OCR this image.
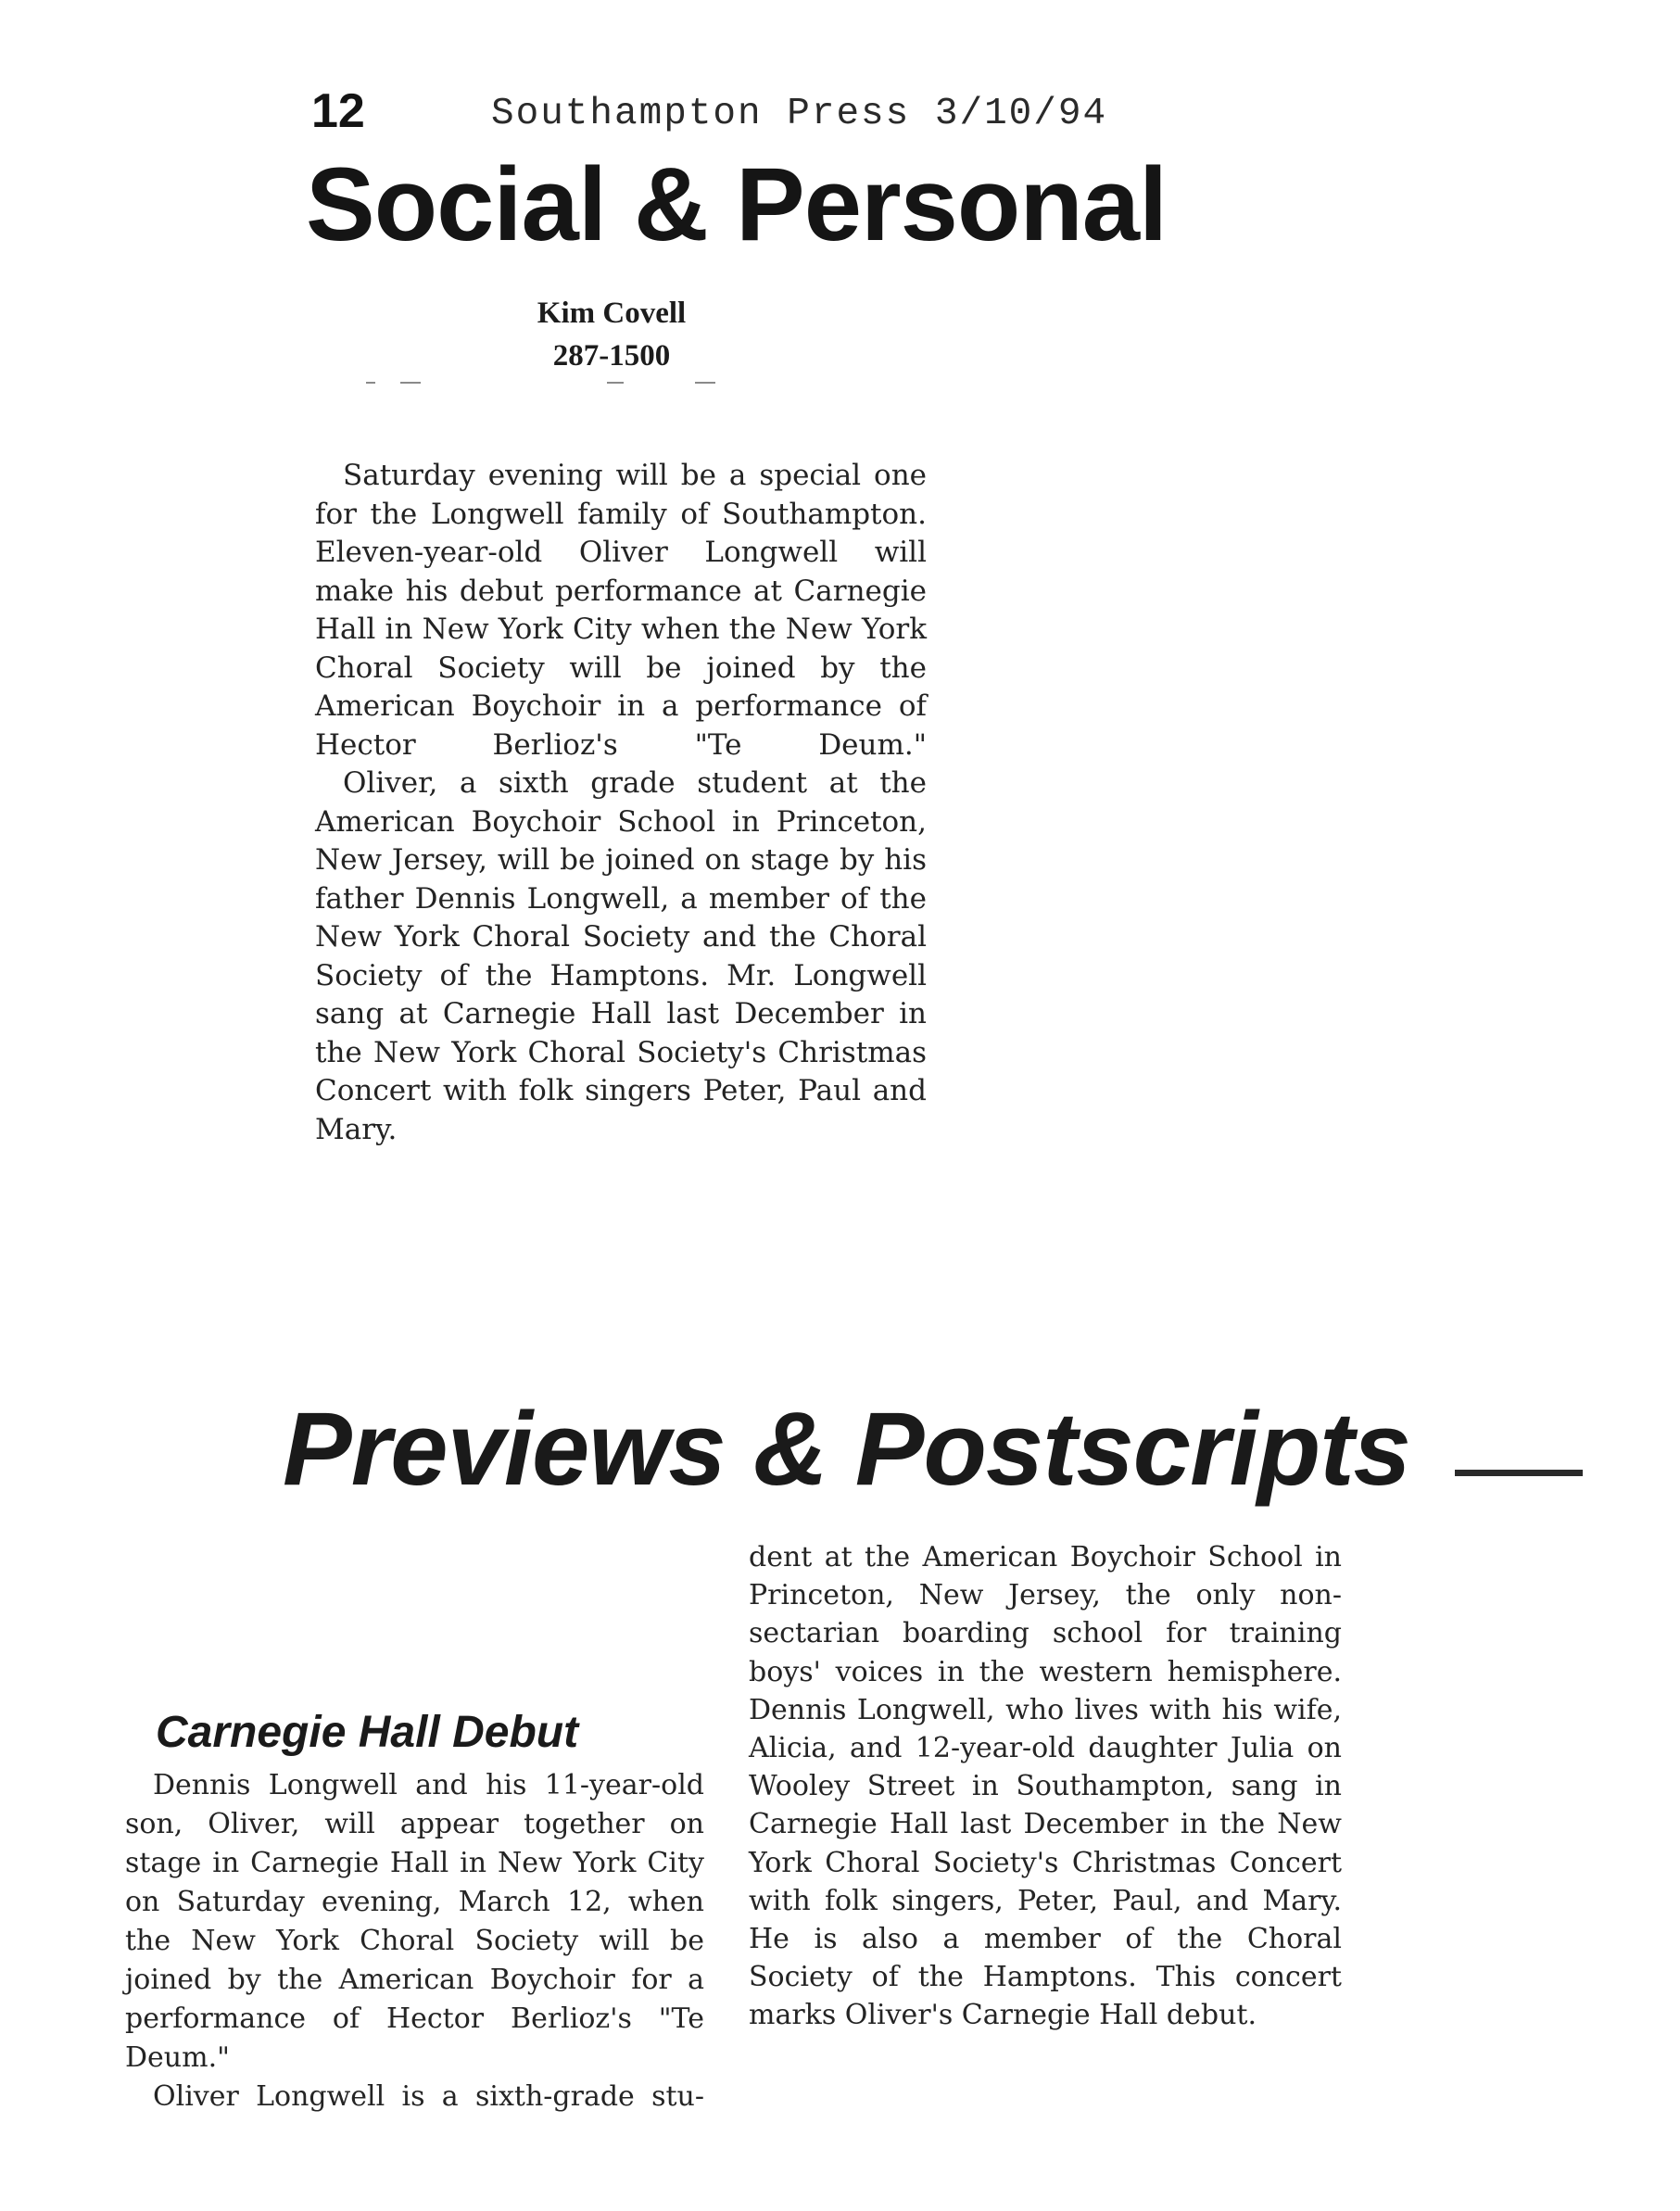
12	Southampton Press 3/10/94
Social & Personal
Kim Covell
287-1500

Saturday evening will be a special one for the Longwell family of Southampton. Eleven-year-old Oliver Longwell will make his debut performance at Carnegie Hall in New York City when the New York Choral Society will be joined by the American Boychoir in a performance of Hector Berlioz's "Te Deum."

Oliver, a sixth grade student at the American Boychoir School in Princeton, New Jersey, will be joined on stage by his father Dennis Longwell, a member of the New York Choral Society and the Choral Society of the Hamptons. Mr. Longwell sang at Carnegie Hall last December in the New York Choral Society's Christmas Concert with folk singers Peter, Paul and Mary.

Previews & Postscripts
Carnegie Hall Debut

Dennis Longwell and his 11-year-old son, Oliver, will appear together on stage in Carnegie Hall in New York City on Saturday evening, March 12, when the New York Choral Society will be joined by the American Boychoir for a performance of Hector Berlioz's "Te Deum."

Oliver Longwell is a sixth-grade stu-

dent at the American Boychoir School in Princeton, New Jersey, the only non-sectarian boarding school for training boys' voices in the western hemisphere. Dennis Longwell, who lives with his wife, Alicia, and 12-year-old daughter Julia on Wooley Street in Southampton, sang in Carnegie Hall last December in the New York Choral Society's Christmas Concert with folk singers, Peter, Paul, and Mary. He is also a member of the Choral Society of the Hamptons. This concert marks Oliver's Carnegie Hall debut.
